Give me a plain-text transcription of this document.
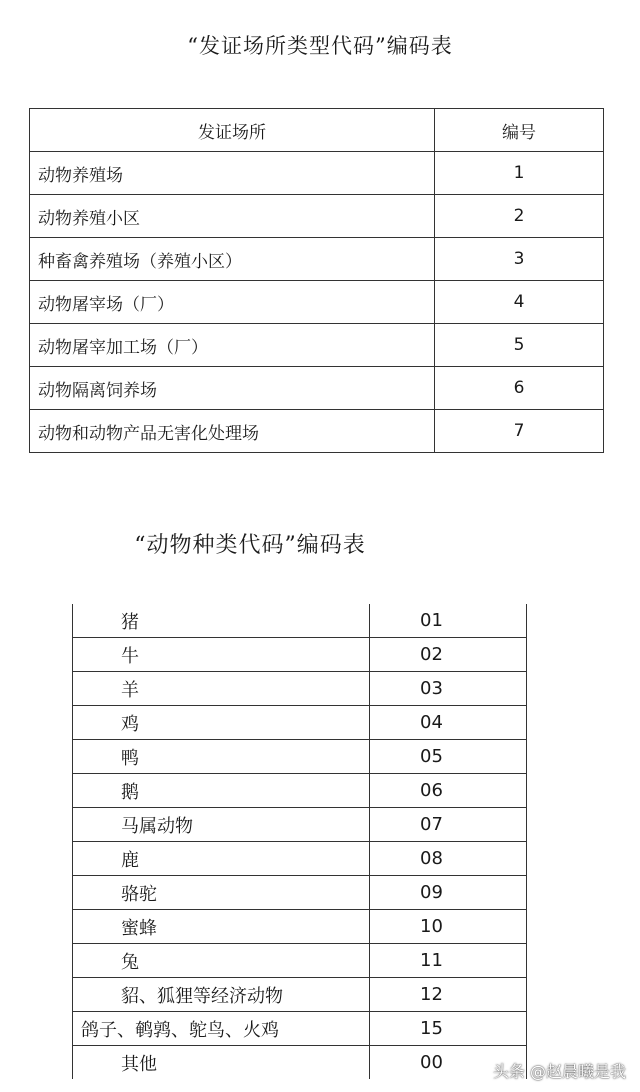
“发证场所类型代码”编码表
发证场所	编号
动物养殖场	1
动物养殖小区	2
种畜禽养殖场（养殖小区）	3
动物屠宰场（厂）	4
动物屠宰加工场（厂）	5
动物隔离饲养场	6
动物和动物产品无害化处理场	7
“动物种类代码”编码表
猪	01
牛	02
羊	03
鸡	04
鸭	05
鹅	06
马属动物	07
鹿	08
骆驼	09
蜜蜂	10
兔	11
貂、狐狸等经济动物	12
鸽子、鹌鹑、鸵鸟、火鸡	15
其他	00	头条 @赵晨曦是我
